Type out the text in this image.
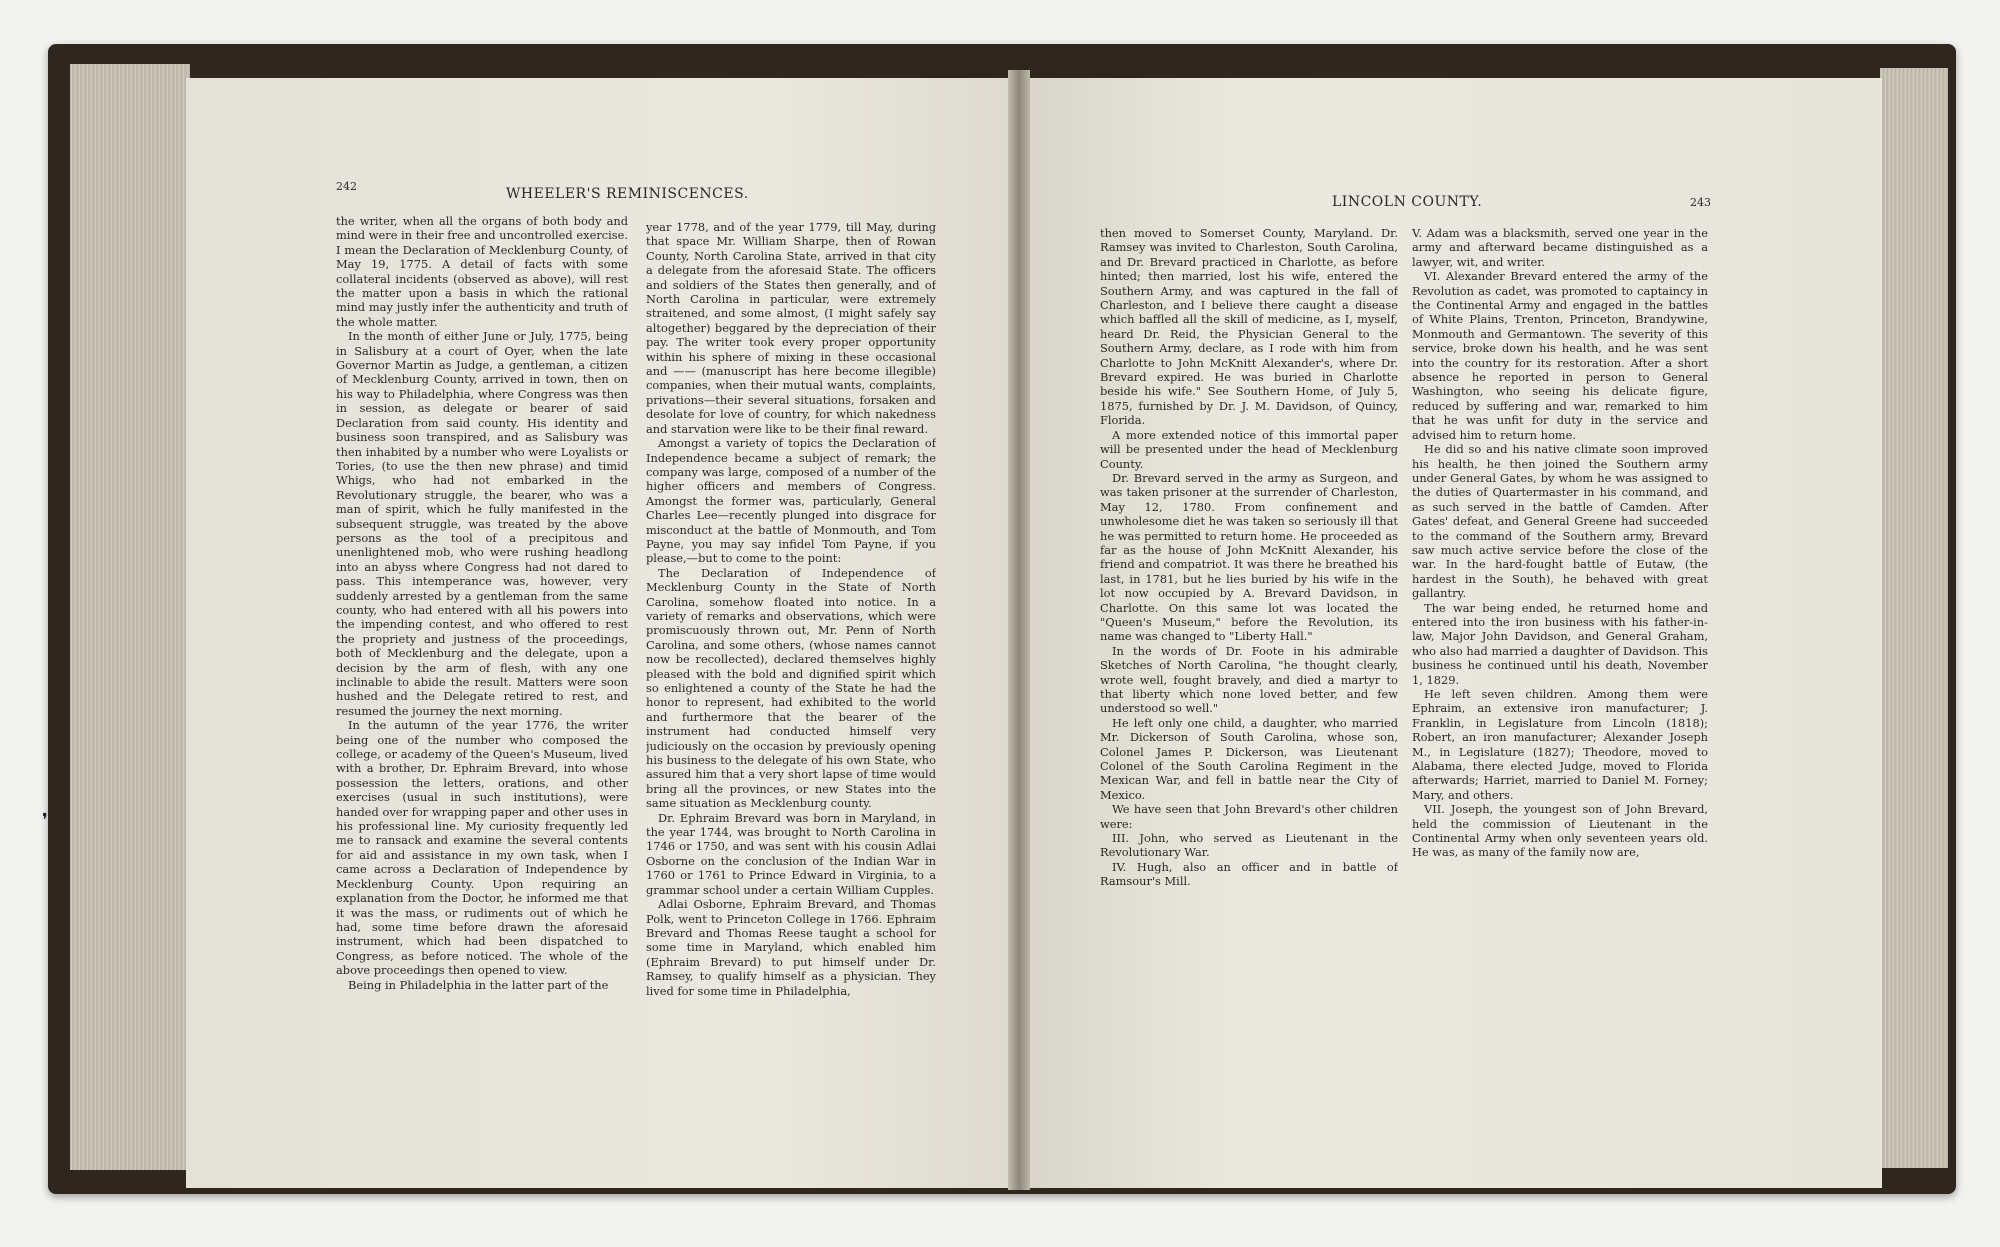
❜
242	WHEELER'S REMINISCENCES.

the writer, when all the organs of both body and mind were in their free and uncontrolled exercise. I mean the Declaration of Mecklenburg County, of May 19, 1775. A detail of facts with some collateral incidents (observed as above), will rest the matter upon a basis in which the rational mind may justly infer the authenticity and truth of the whole matter.

In the month of either June or July, 1775, being in Salisbury at a court of Oyer, when the late Governor Martin as Judge, a gentleman, a citizen of Mecklenburg County, arrived in town, then on his way to Philadelphia, where Congress was then in session, as delegate or bearer of said Declaration from said county. His identity and business soon transpired, and as Salisbury was then inhabited by a number who were Loyalists or Tories, (to use the then new phrase) and timid Whigs, who had not embarked in the Revolutionary struggle, the bearer, who was a man of spirit, which he fully manifested in the subsequent struggle, was treated by the above persons as the tool of a precipitous and unenlightened mob, who were rushing headlong into an abyss where Congress had not dared to pass. This intemperance was, however, very suddenly arrested by a gentleman from the same county, who had entered with all his powers into the impending contest, and who offered to rest the propriety and justness of the proceedings, both of Mecklenburg and the delegate, upon a decision by the arm of flesh, with any one inclinable to abide the result. Matters were soon hushed and the Delegate retired to rest, and resumed the journey the next morning.

In the autumn of the year 1776, the writer being one of the number who composed the college, or academy of the Queen's Museum, lived with a brother, Dr. Ephraim Brevard, into whose possession the letters, orations, and other exercises (usual in such institutions), were handed over for wrapping paper and other uses in his professional line. My curiosity frequently led me to ransack and examine the several contents for aid and assistance in my own task, when I came across a Declaration of Independence by Mecklenburg County. Upon requiring an explanation from the Doctor, he informed me that it was the mass, or rudiments out of which he had, some time before drawn the aforesaid instrument, which had been dispatched to Congress, as before noticed. The whole of the above proceedings then opened to view.

Being in Philadelphia in the latter part of the

year 1778, and of the year 1779, till May, during that space Mr. William Sharpe, then of Rowan County, North Carolina State, arrived in that city a delegate from the aforesaid State. The officers and soldiers of the States then generally, and of North Carolina in particular, were extremely straitened, and some almost, (I might safely say altogether) beggared by the depreciation of their pay. The writer took every proper opportunity within his sphere of mixing in these occasional and —— (manuscript has here become illegible) companies, when their mutual wants, complaints, privations—their several situations, forsaken and desolate for love of country, for which nakedness and starvation were like to be their final reward.

Amongst a variety of topics the Declaration of Independence became a subject of remark; the company was large, composed of a number of the higher officers and members of Congress. Amongst the former was, particularly, General Charles Lee—recently plunged into disgrace for misconduct at the battle of Monmouth, and Tom Payne, you may say infidel Tom Payne, if you please,—but to come to the point:

The Declaration of Independence of Mecklenburg County in the State of North Carolina, somehow floated into notice. In a variety of remarks and observations, which were promiscuously thrown out, Mr. Penn of North Carolina, and some others, (whose names cannot now be recollected), declared themselves highly pleased with the bold and dignified spirit which so enlightened a county of the State he had the honor to represent, had exhibited to the world and furthermore that the bearer of the instrument had conducted himself very judiciously on the occasion by previously opening his business to the delegate of his own State, who assured him that a very short lapse of time would bring all the provinces, or new States into the same situation as Mecklenburg county.

Dr. Ephraim Brevard was born in Maryland, in the year 1744, was brought to North Carolina in 1746 or 1750, and was sent with his cousin Adlai Osborne on the conclusion of the Indian War in 1760 or 1761 to Prince Edward in Virginia, to a grammar school under a certain William Cupples.

Adlai Osborne, Ephraim Brevard, and Thomas Polk, went to Princeton College in 1766. Ephraim Brevard and Thomas Reese taught a school for some time in Maryland, which enabled him (Ephraim Brevard) to put himself under Dr. Ramsey, to qualify himself as a physician. They lived for some time in Philadelphia,

LINCOLN COUNTY.	243

then moved to Somerset County, Maryland. Dr. Ramsey was invited to Charleston, South Carolina, and Dr. Brevard practiced in Charlotte, as before hinted; then married, lost his wife, entered the Southern Army, and was captured in the fall of Charleston, and I believe there caught a disease which baffled all the skill of medicine, as I, myself, heard Dr. Reid, the Physician General to the Southern Army, declare, as I rode with him from Charlotte to John McKnitt Alexander's, where Dr. Brevard expired. He was buried in Charlotte beside his wife." See Southern Home, of July 5, 1875, furnished by Dr. J. M. Davidson, of Quincy, Florida.

A more extended notice of this immortal paper will be presented under the head of Mecklenburg County.

Dr. Brevard served in the army as Surgeon, and was taken prisoner at the surrender of Charleston, May 12, 1780. From confinement and unwholesome diet he was taken so seriously ill that he was permitted to return home. He proceeded as far as the house of John McKnitt Alexander, his friend and compatriot. It was there he breathed his last, in 1781, but he lies buried by his wife in the lot now occupied by A. Brevard Davidson, in Charlotte. On this same lot was located the "Queen's Museum," before the Revolution, its name was changed to "Liberty Hall."

In the words of Dr. Foote in his admirable Sketches of North Carolina, "he thought clearly, wrote well, fought bravely, and died a martyr to that liberty which none loved better, and few understood so well."

He left only one child, a daughter, who married Mr. Dickerson of South Carolina, whose son, Colonel James P. Dickerson, was Lieutenant Colonel of the South Carolina Regiment in the Mexican War, and fell in battle near the City of Mexico.

We have seen that John Brevard's other children were:

III. John, who served as Lieutenant in the Revolutionary War.

IV. Hugh, also an officer and in battle of Ramsour's Mill.

V. Adam was a blacksmith, served one year in the army and afterward became distinguished as a lawyer, wit, and writer.

VI. Alexander Brevard entered the army of the Revolution as cadet, was promoted to captaincy in the Continental Army and engaged in the battles of White Plains, Trenton, Princeton, Brandywine, Monmouth and Germantown. The severity of this service, broke down his health, and he was sent into the country for its restoration. After a short absence he reported in person to General Washington, who seeing his delicate figure, reduced by suffering and war, remarked to him that he was unfit for duty in the service and advised him to return home.

He did so and his native climate soon improved his health, he then joined the Southern army under General Gates, by whom he was assigned to the duties of Quartermaster in his command, and as such served in the battle of Camden. After Gates' defeat, and General Greene had succeeded to the command of the Southern army, Brevard saw much active service before the close of the war. In the hard-fought battle of Eutaw, (the hardest in the South), he behaved with great gallantry.

The war being ended, he returned home and entered into the iron business with his father-in-law, Major John Davidson, and General Graham, who also had married a daughter of Davidson. This business he continued until his death, November 1, 1829.

He left seven children. Among them were Ephraim, an extensive iron manufacturer; J. Franklin, in Legislature from Lincoln (1818); Robert, an iron manufacturer; Alexander Joseph M., in Legislature (1827); Theodore, moved to Alabama, there elected Judge, moved to Florida afterwards; Harriet, married to Daniel M. Forney; Mary, and others.

VII. Joseph, the youngest son of John Brevard, held the commission of Lieutenant in the Continental Army when only seventeen years old. He was, as many of the family now are,
